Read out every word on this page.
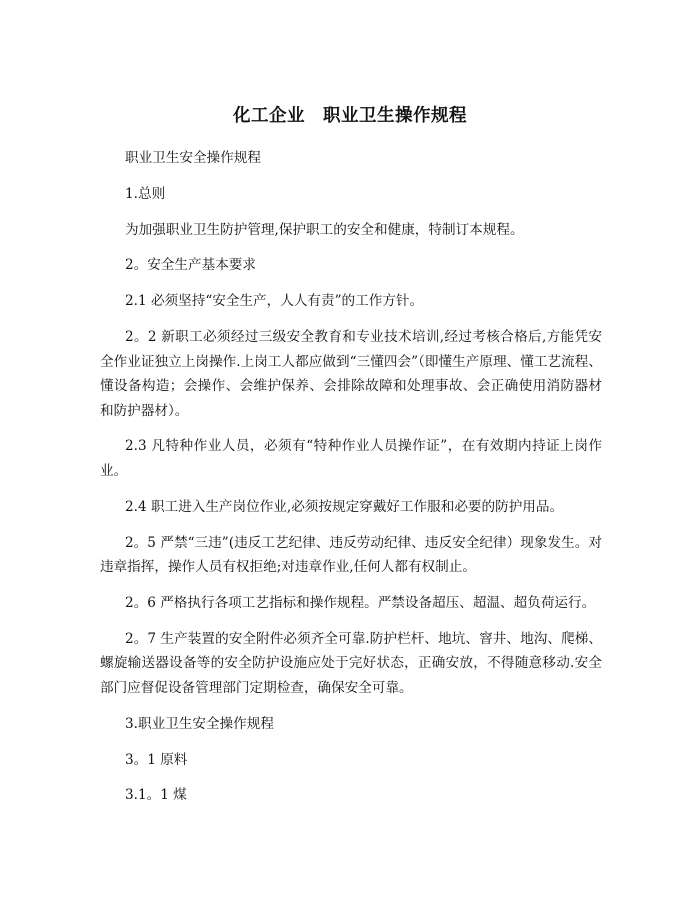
化工企业　职业卫生操作规程

职业卫生安全操作规程

1.总则

为加强职业卫生防护管理,保护职工的安全和健康，特制订本规程。

2。安全生产基本要求

2.1 必须坚持“安全生产，人人有责”的工作方针。

2。2 新职工必须经过三级安全教育和专业技术培训,经过考核合格后,方能凭安全作业证独立上岗操作.上岗工人都应做到“三懂四会”（即懂生产原理、懂工艺流程、懂设备构造；会操作、会维护保养、会排除故障和处理事故、会正确使用消防器材和防护器材）。

2.3 凡特种作业人员，必须有“特种作业人员操作证”，在有效期内持证上岗作业。

2.4 职工进入生产岗位作业,必须按规定穿戴好工作服和必要的防护用品。

2。5 严禁“三违”(违反工艺纪律、违反劳动纪律、违反安全纪律）现象发生。对违章指挥，操作人员有权拒绝;对违章作业,任何人都有权制止。

2。6 严格执行各项工艺指标和操作规程。严禁设备超压、超温、超负荷运行。

2。7 生产装置的安全附件必须齐全可靠.防护栏杆、地坑、窨井、地沟、爬梯、螺旋输送器设备等的安全防护设施应处于完好状态，正确安放，不得随意移动.安全部门应督促设备管理部门定期检查，确保安全可靠。

3.职业卫生安全操作规程

3。1 原料

3.1。1 煤
